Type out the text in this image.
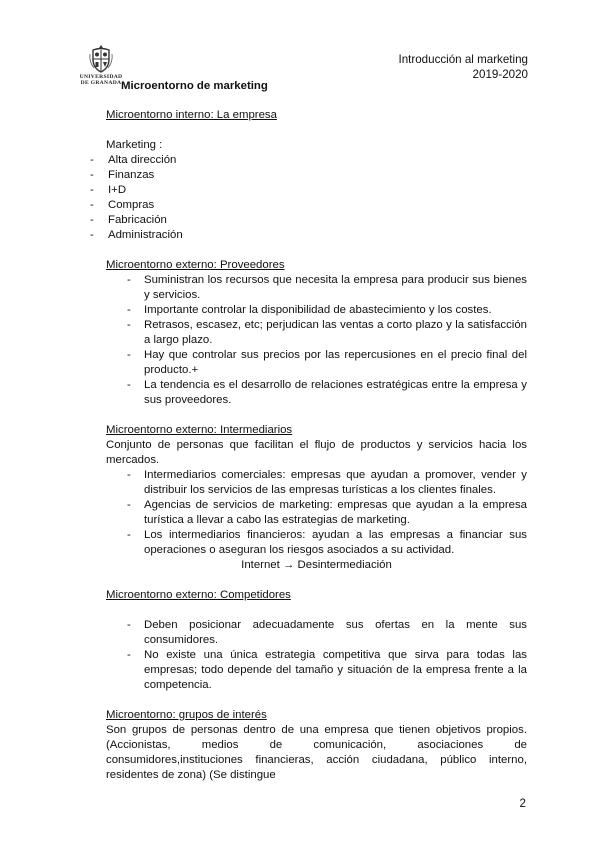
UNIVERSIDAD
DE GRANADA
Introducción al marketing
2019-2020
Microentorno de marketing
Microentorno interno: La empresa
Marketing :
- Alta dirección
- Finanzas
- I+D
- Compras
- Fabricación
- Administración
Microentorno externo: Proveedores
- Suministran los recursos que necesita la empresa para producir sus bienes y servicios.
- Importante controlar la disponibilidad de abastecimiento y los costes.
- Retrasos, escasez, etc; perjudican las ventas a corto plazo y la satisfacción a largo plazo.
- Hay que controlar sus precios por las repercusiones en el precio final del producto.+
- La tendencia es el desarrollo de relaciones estratégicas entre la empresa y sus proveedores.
Microentorno externo: Intermediarios
Conjunto de personas que facilitan el flujo de productos y servicios hacia los mercados.
- Intermediarios comerciales: empresas que ayudan a promover, vender y distribuir los servicios de las empresas turísticas a los clientes finales.
- Agencias de servicios de marketing: empresas que ayudan a la empresa turística a llevar a cabo las estrategias de marketing.
- Los intermediarios financieros: ayudan a las empresas a financiar sus operaciones o aseguran los riesgos asociados a su actividad.
Internet → Desintermediación
Microentorno externo: Competidores
- Deben posicionar adecuadamente sus ofertas en la mente sus consumidores.
- No existe una única estrategia competitiva que sirva para todas las empresas; todo depende del tamaño y situación de la empresa frente a la competencia.
Microentorno: grupos de interés
Son grupos de personas dentro de una empresa que tienen objetivos propios. (Accionistas, medios de comunicación, asociaciones de consumidores,instituciones financieras, acción ciudadana, público interno, residentes de zona) (Se distingue
2
